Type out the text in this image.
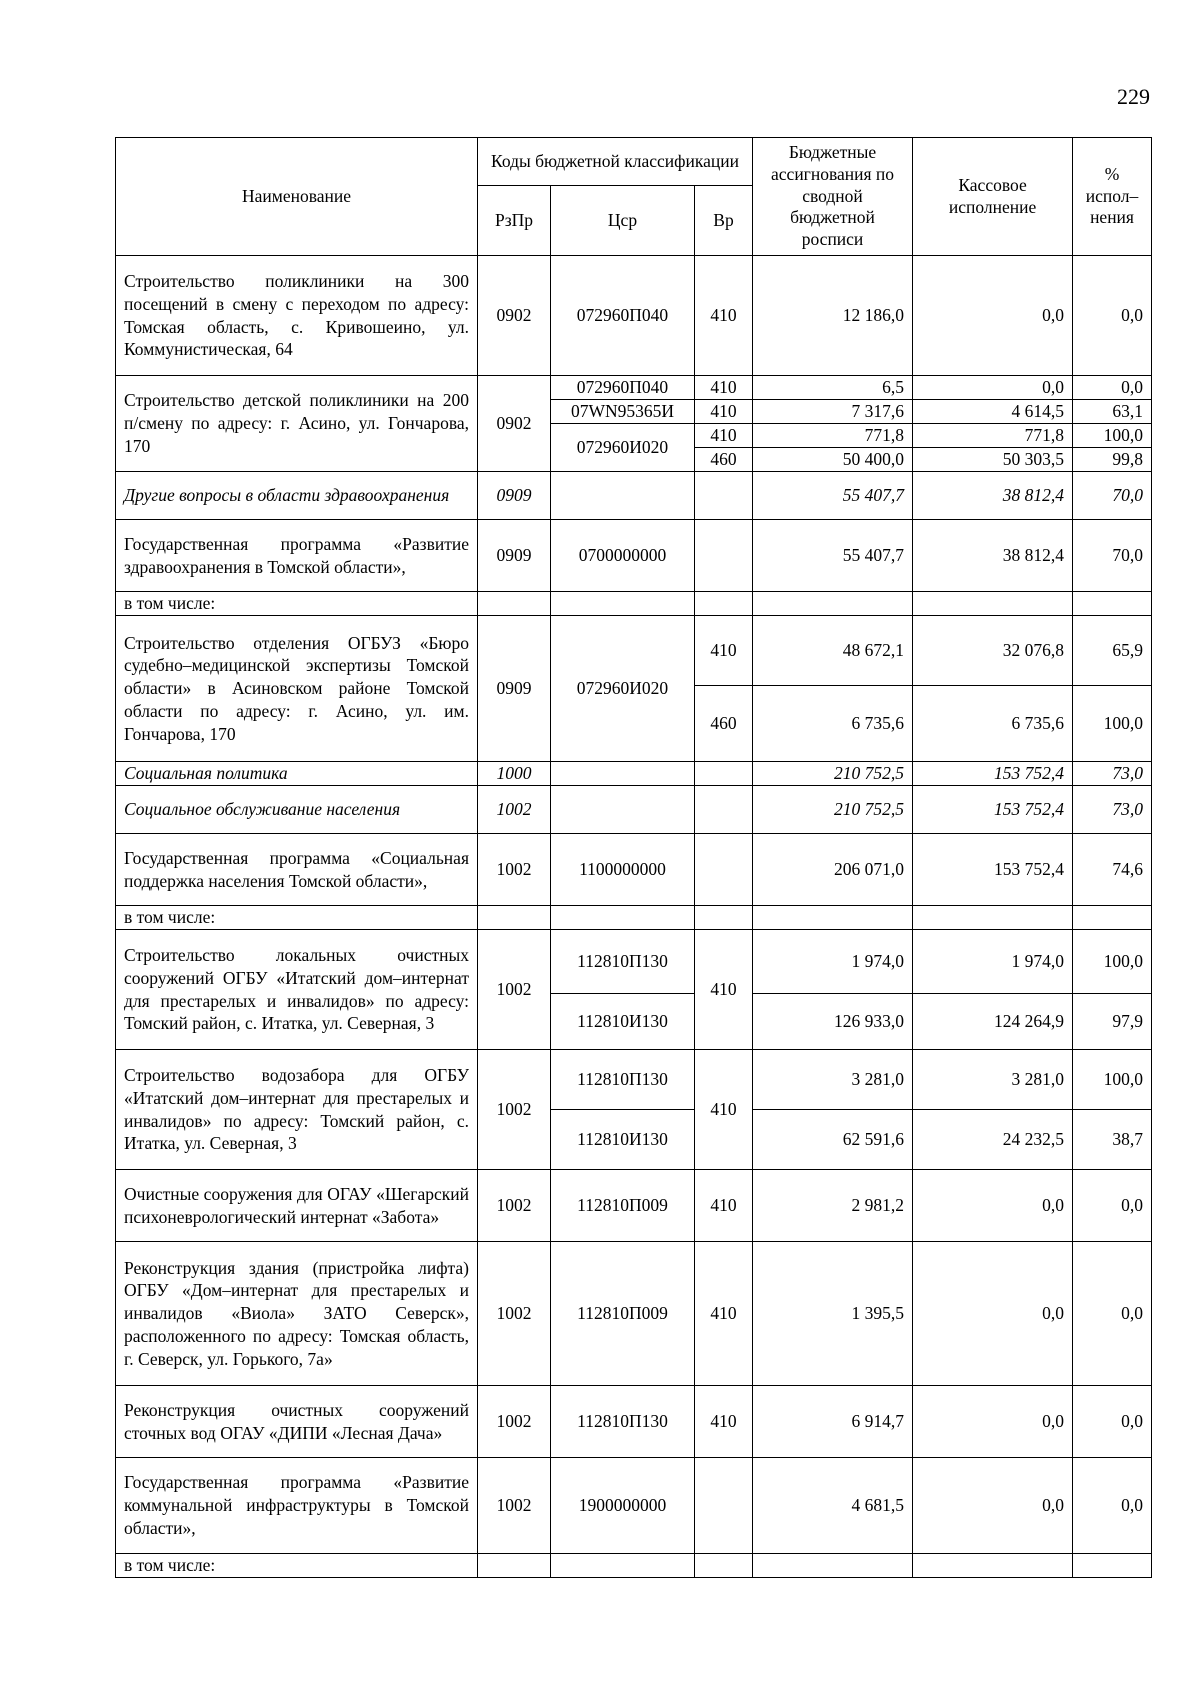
229
Наименование	Коды бюджетной классификации			Бюджетные ассигнования по сводной бюджетной росписи	Кассовое исполнение	% испол–нения
	РзПр	Цср	Вр			
Строительство поликлиники на 300 посещений в смену с переходом по адресу: Томская область, с. Кривошеино, ул. Коммунистическая, 64	0902	072960П040	410	12 186,0	0,0	0,0
Строительство детской поликлиники на 200 п/смену по адресу: г. Асино, ул. Гончарова, 170	0902	072960П040	410	6,5	0,0	0,0
		07WN95365И	410	7 317,6	4 614,5	63,1
		072960И020	410	771,8	771,8	100,0
			460	50 400,0	50 303,5	99,8
Другие вопросы в области здравоохранения	0909			55 407,7	38 812,4	70,0
Государственная программа «Развитие здравоохранения в Томской области»,	0909	0700000000		55 407,7	38 812,4	70,0
в том числе:						
Строительство отделения ОГБУЗ «Бюро судебно–медицинской экспертизы Томской области» в Асиновском районе Томской области по адресу: г. Асино, ул. им. Гончарова, 170	0909	072960И020	410	48 672,1	32 076,8	65,9
			460	6 735,6	6 735,6	100,0
Социальная политика	1000			210 752,5	153 752,4	73,0
Социальное обслуживание населения	1002			210 752,5	153 752,4	73,0
Государственная программа «Социальная поддержка населения Томской области»,	1002	1100000000		206 071,0	153 752,4	74,6
в том числе:						
Строительство локальных очистных сооружений ОГБУ «Итатский дом–интернат для престарелых и инвалидов» по адресу: Томский район, с. Итатка, ул. Северная, 3	1002	112810П130	410	1 974,0	1 974,0	100,0
		112810И130		126 933,0	124 264,9	97,9
Строительство водозабора для ОГБУ «Итатский дом–интернат для престарелых и инвалидов» по адресу: Томский район, с. Итатка, ул. Северная, 3	1002	112810П130	410	3 281,0	3 281,0	100,0
		112810И130		62 591,6	24 232,5	38,7
Очистные сооружения для ОГАУ «Шегарский психоневрологический интернат «Забота»	1002	112810П009	410	2 981,2	0,0	0,0
Реконструкция здания (пристройка лифта) ОГБУ «Дом–интернат для престарелых и инвалидов «Виола» ЗАТО Северск», расположенного по адресу: Томская область, г. Северск, ул. Горького, 7а»	1002	112810П009	410	1 395,5	0,0	0,0
Реконструкция очистных сооружений сточных вод ОГАУ «ДИПИ «Лесная Дача»	1002	112810П130	410	6 914,7	0,0	0,0
Государственная программа «Развитие коммунальной инфраструктуры в Томской области»,	1002	1900000000		4 681,5	0,0	0,0
в том числе:						
